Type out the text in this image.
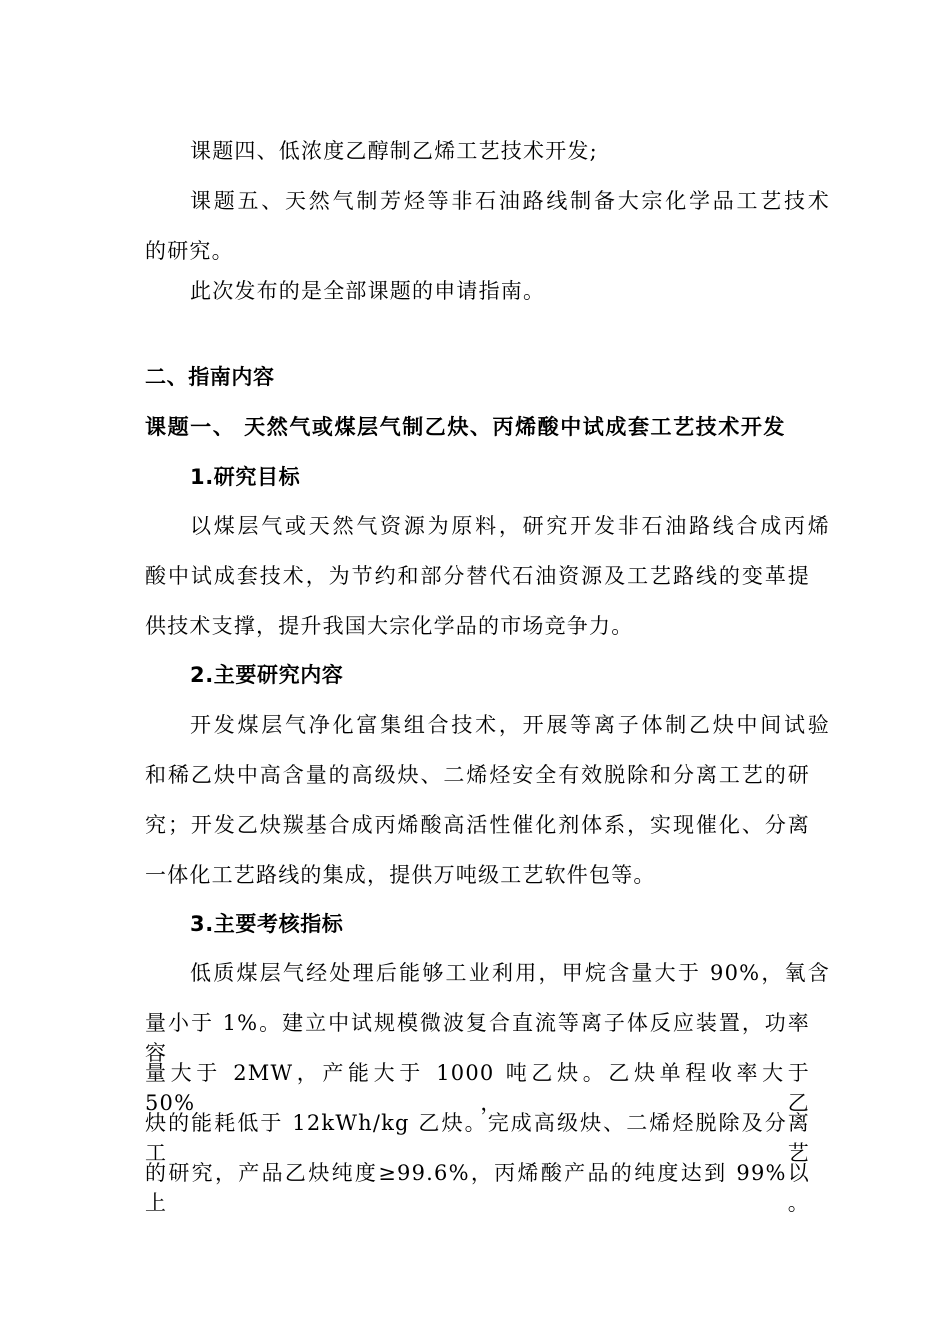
课题四、低浓度乙醇制乙烯工艺技术开发;
课题五、天然气制芳烃等非石油路线制备大宗化学品工艺技术
的研究。
此次发布的是全部课题的申请指南。
二、指南内容
课题一、 天然气或煤层气制乙炔、丙烯酸中试成套工艺技术开发
1.研究目标
以煤层气或天然气资源为原料，研究开发非石油路线合成丙烯
酸中试成套技术，为节约和部分替代石油资源及工艺路线的变革提
供技术支撑，提升我国大宗化学品的市场竞争力。
2.主要研究内容
开发煤层气净化富集组合技术，开展等离子体制乙炔中间试验
和稀乙炔中高含量的高级炔、二烯烃安全有效脱除和分离工艺的研
究；开发乙炔羰基合成丙烯酸高活性催化剂体系，实现催化、分离
一体化工艺路线的集成，提供万吨级工艺软件包等。
3.主要考核指标
低质煤层气经处理后能够工业利用，甲烷含量大于 90%，氧含
量小于 1%。建立中试规模微波复合直流等离子体反应装置，功率容
量大于 2MW，产能大于 1000 吨乙炔。乙炔单程收率大于 50%，乙
炔的能耗低于 12kWh/kg 乙炔。完成高级炔、二烯烃脱除及分离工艺
的研究，产品乙炔纯度≥99.6%，丙烯酸产品的纯度达到 99%以上。
